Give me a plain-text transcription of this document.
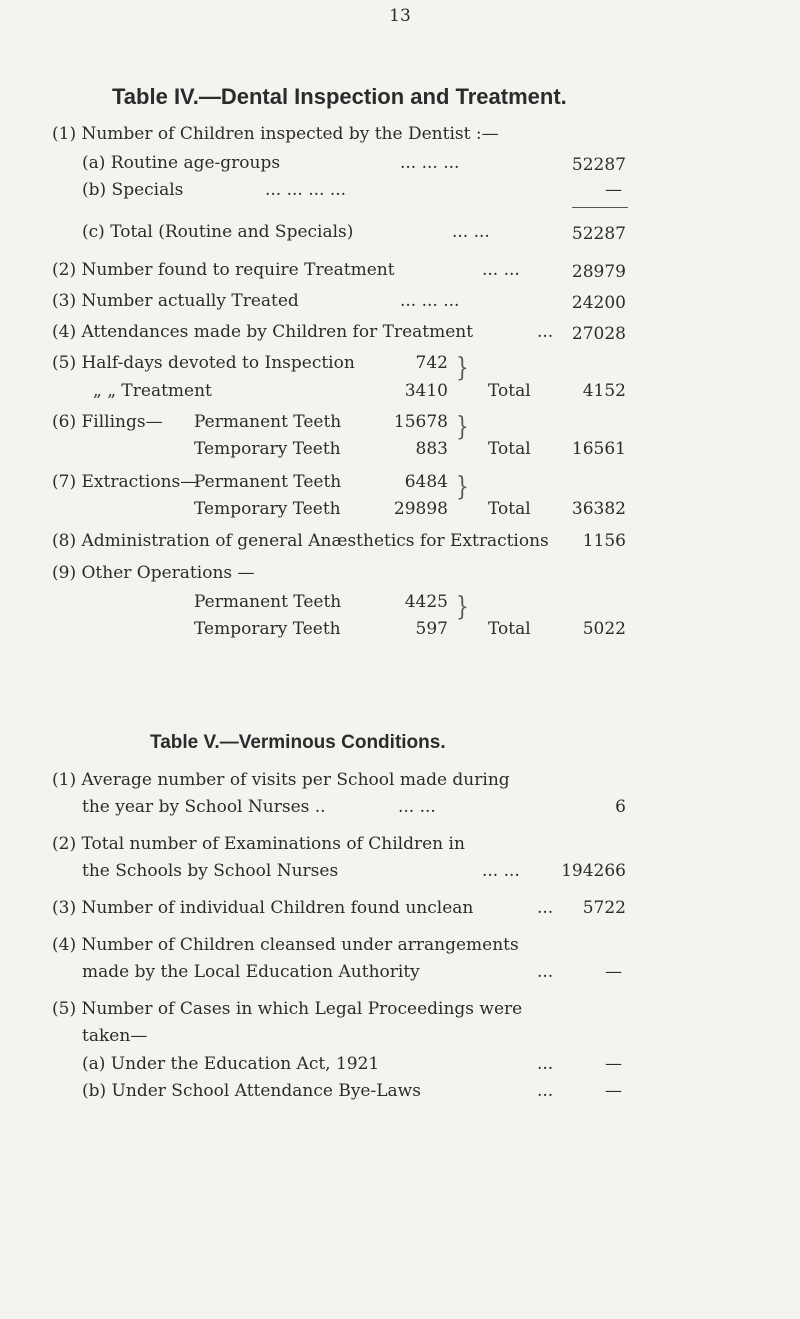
13
Table IV.—Dental Inspection and Treatment.
(1) Number of Children inspected by the Dentist :—
(a) Routine age-groups	... ... ...	52287
(b) Specials	... ... ... ...	—
(c) Total (Routine and Specials)	... ...	52287
(2) Number found to require Treatment	... ...	28979
(3) Number actually Treated	... ... ...	24200
(4) Attendances made by Children for Treatment	... 27028
(5) Half-days devoted to Inspection	742
„ „ Treatment	3410
}
Total	4152
(6) Fillings— Permanent Teeth	15678
Temporary Teeth	883
}
Total 16561
(7) Extractions—
Permanent Teeth	6484
Temporary Teeth	29898
}
Total 36382
(8) Administration of general Anæsthetics for Extractions 1156
(9) Other Operations —
Permanent Teeth	4425
Temporary Teeth	597
}
Total	5022
Table V.—Verminous Conditions.
(1) Average number of visits per School made during
the year by School Nurses ..	... ...	6
(2) Total number of Examinations of Children in
the Schools by School Nurses	... ... 194266
(3) Number of individual Children found unclean	... 5722
(4) Number of Children cleansed under arrangements
made by the Local Education Authority	...	—
(5) Number of Cases in which Legal Proceedings were
taken—
(a) Under the Education Act, 1921	...	—
(b) Under School Attendance Bye-Laws	...	—
